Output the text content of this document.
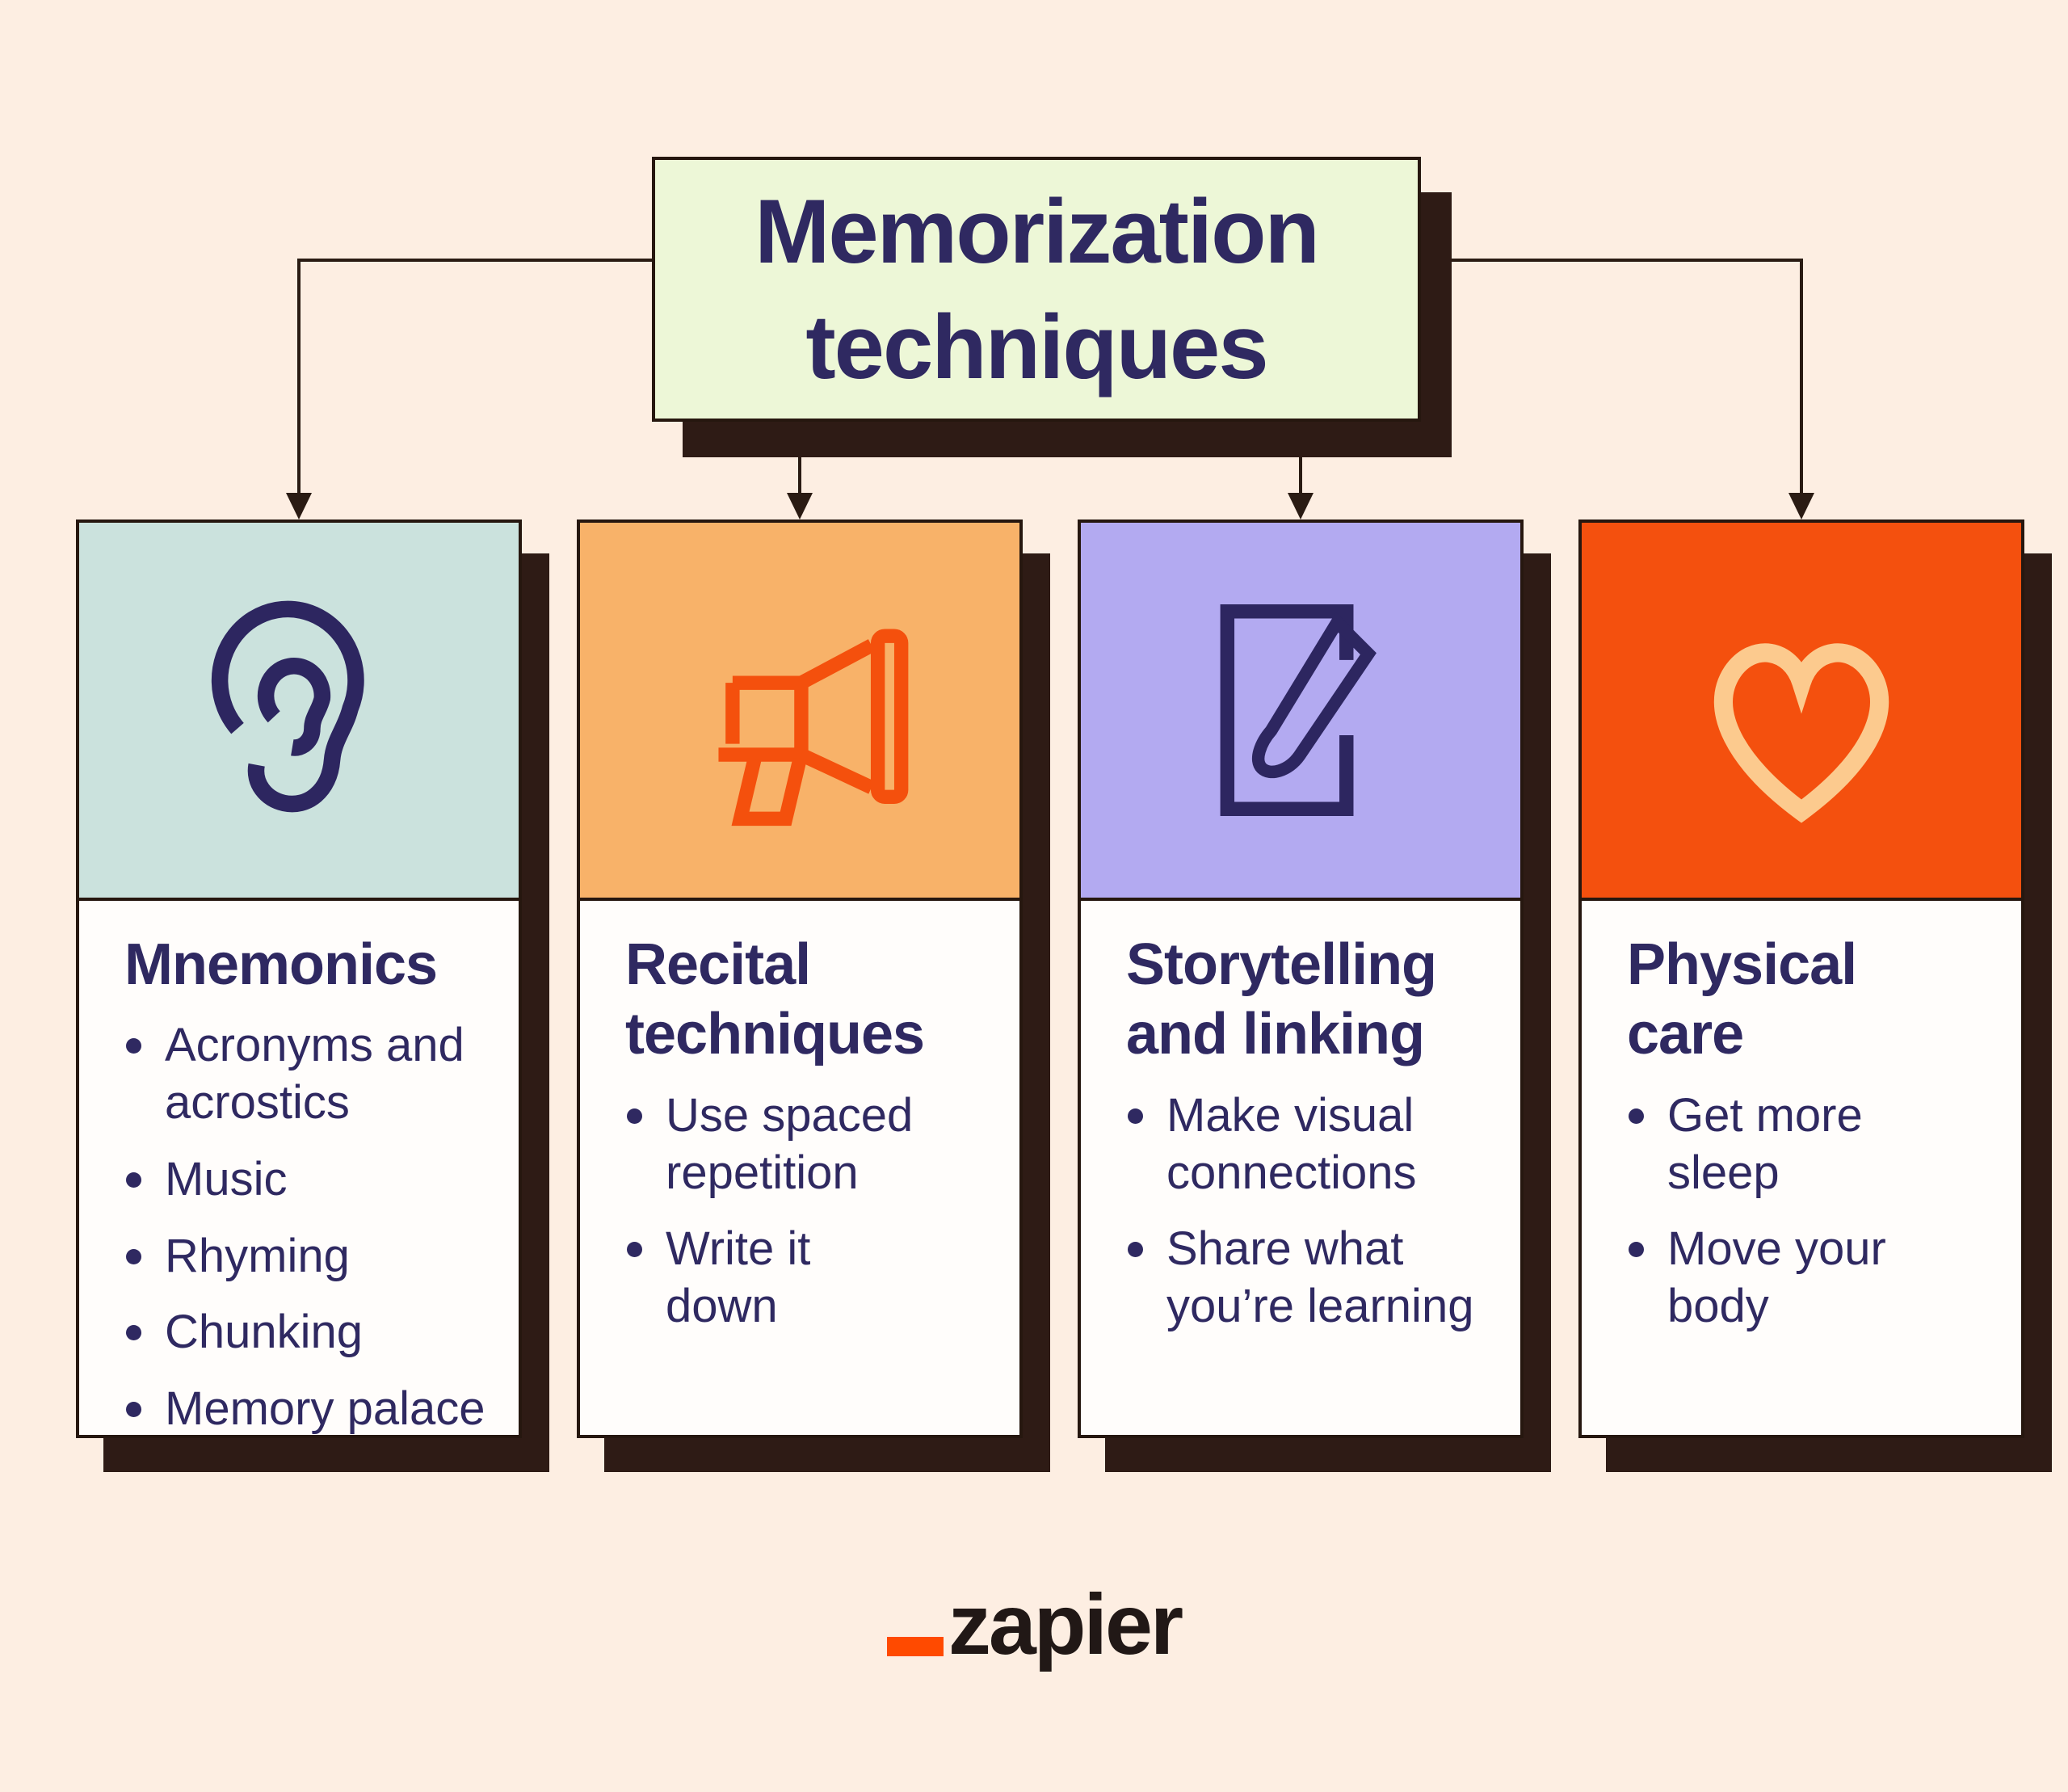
Memorization
techniques
Mnemonics
Acronyms and
acrostics
Music
Rhyming
Chunking
Memory palace
Recital
techniques
Use spaced
repetition
Write it
down
Storytelling
and linking
Make visual
connections
Share what
you’re learning
Physical
care
Get more
sleep
Move your
body
zapier
